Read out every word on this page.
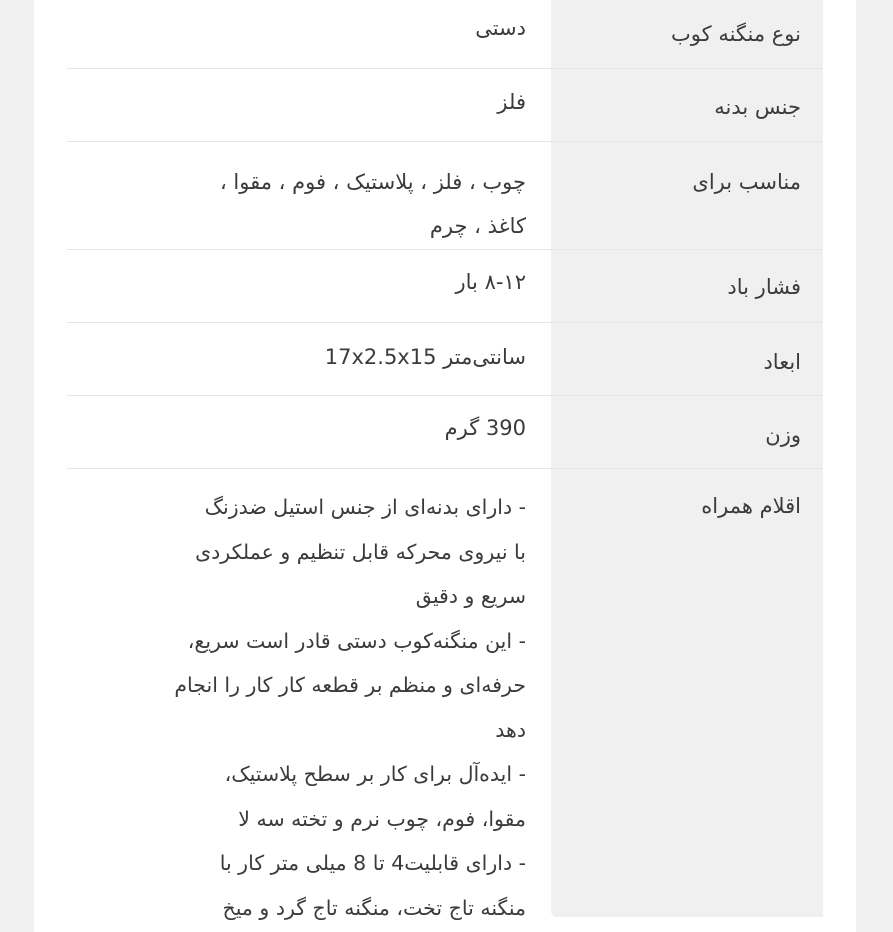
نوع منگنه کوب
دستی
جنس بدنه
فلز
مناسب برای
چوب ، فلز ، پلاستیک ، فوم ، مقوا ،
کاغذ ، چرم
فشار باد
۸-۱۲ بار
ابعاد
سانتی‌متر 17x2.5x15
وزن
390 گرم
اقلام همراه
- دارای بدنه‌ای از جنس استیل ضدزنگ
با نیروی محرکه قابل تنظیم و عملکردی
سریع و دقیق
- این منگنه‌کوب دستی قادر است سریع،
حرفه‌ای و منظم بر قطعه کار کار را انجام
دهد
- ایده‌آل برای کار بر سطح پلاستیک،
مقوا، فوم، چوب نرم و تخته سه لا
- دارای قابلیت4 تا 8 میلی متر کار با
منگنه تاج تخت، منگنه تاج گرد و میخ
